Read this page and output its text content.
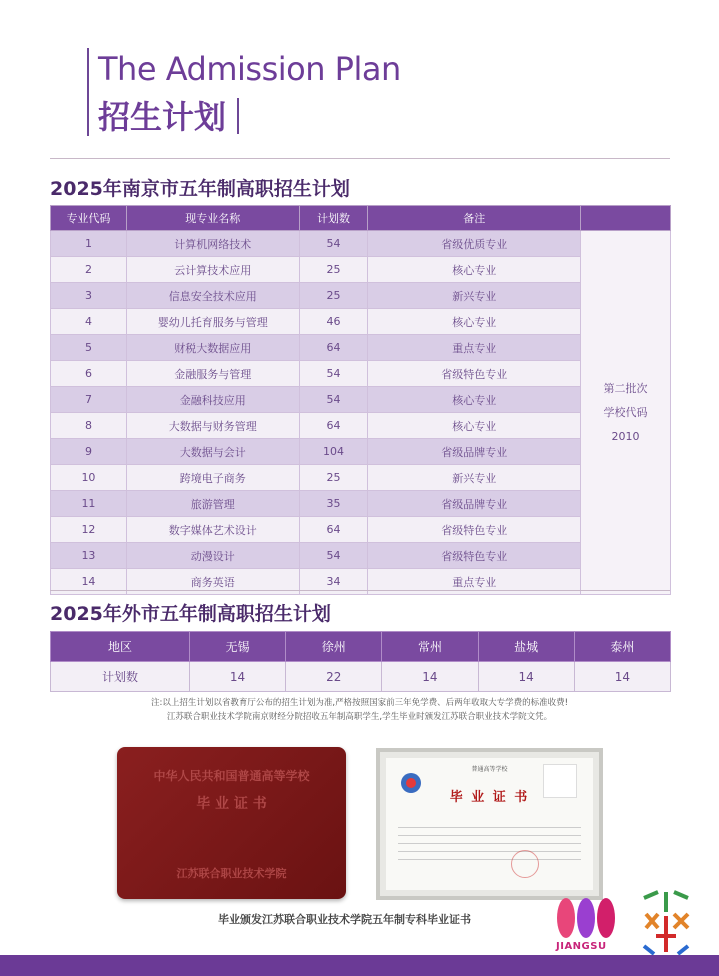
The Admission Plan
招生计划
2025年南京市五年制高职招生计划
专业代码	现专业名称	计划数	备注	
1	计算机网络技术	54	省级优质专业	第二批次
学校代码
2010

2	云计算技术应用	25	核心专业	
3	信息安全技术应用	25	新兴专业	
4	婴幼儿托育服务与管理	46	核心专业	
5	财税大数据应用	64	重点专业	
6	金融服务与管理	54	省级特色专业	
7	金融科技应用	54	核心专业	
8	大数据与财务管理	64	核心专业	
9	大数据与会计	104	省级品牌专业	
10	跨境电子商务	25	新兴专业	
11	旅游管理	35	省级品牌专业	
12	数字媒体艺术设计	64	省级特色专业	
13	动漫设计	54	省级特色专业	
14	商务英语	34	重点专业	
2025年外市五年制高职招生计划
地区	无锡	徐州	常州	盐城	泰州
计划数	14	22	14	14	14
注:以上招生计划以省教育厅公布的招生计划为准,严格按照国家前三年免学费、后两年收取大专学费的标准收费!
江苏联合职业技术学院南京财经分院招收五年制高职学生,学生毕业时颁发江苏联合职业技术学院文凭。
中华人民共和国普通高等学校
毕 业 证 书
江苏联合职业技术学院
普通高等学校
毕 业 证 书
毕业颁发江苏联合职业技术学院五年制专科毕业证书
JIANGSU
